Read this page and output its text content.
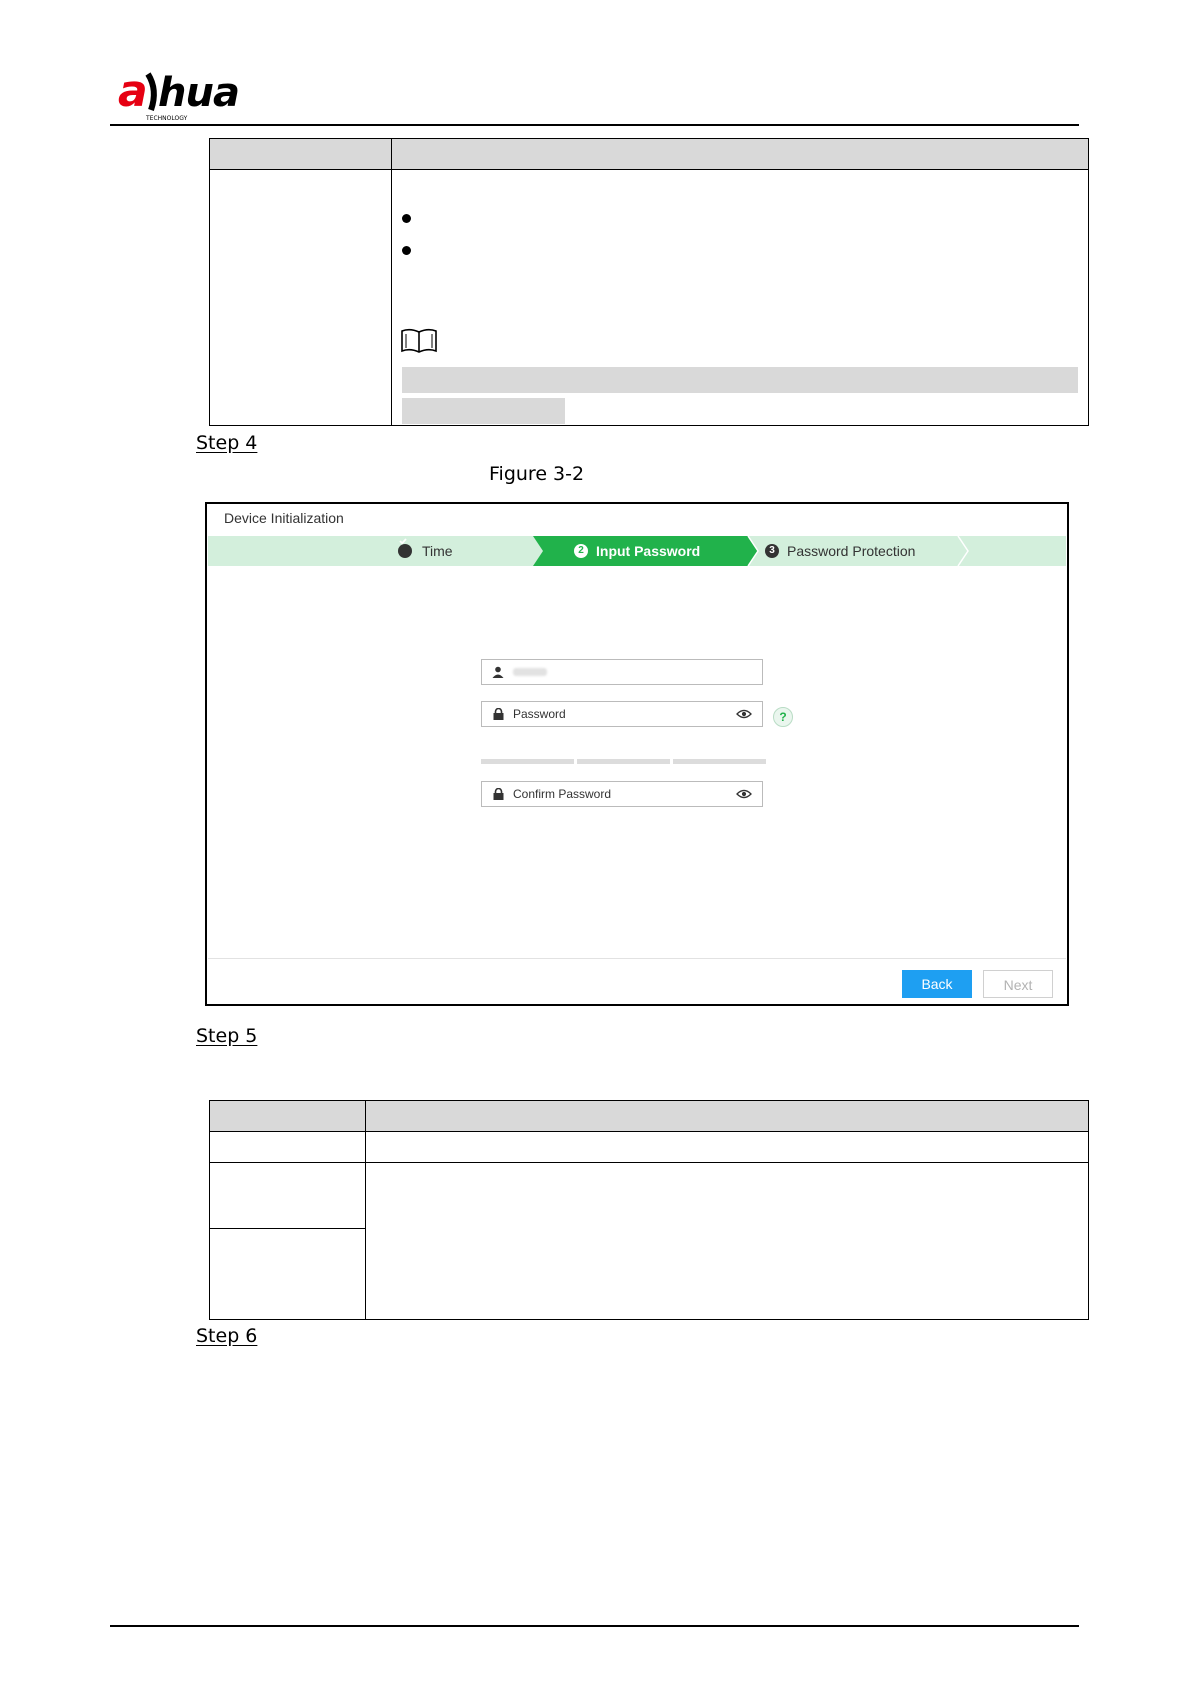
a hua
TECHNOLOGY

Step 4
Figure 3-2
Device Initialization
Time	2 Input Password	3 Password Protection
Password	?
Confirm Password
Back	Next
Step 5

Step 6
